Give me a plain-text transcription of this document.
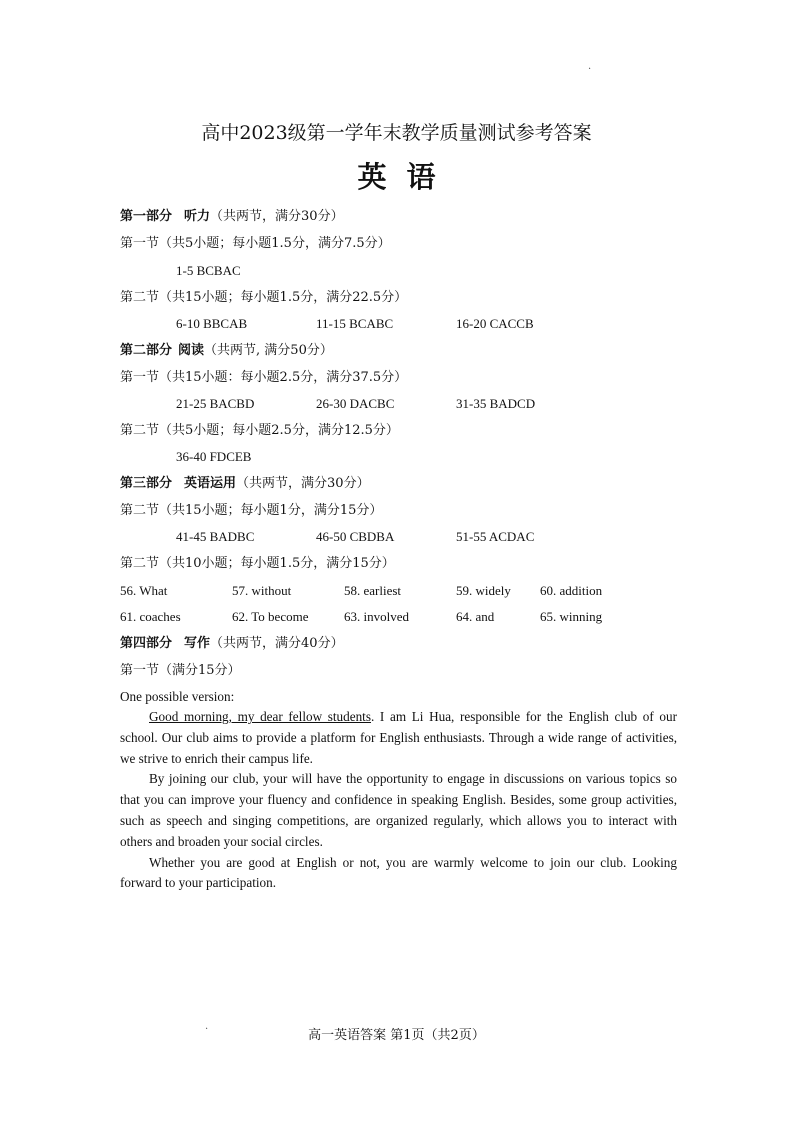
.
高中2023级第一学年末教学质量测试参考答案
英语
第一部分 听力（共两节，满分30分）
第一节（共5小题；每小题1.5分，满分7.5分）
1-5 BCBAC
第二节（共15小题；每小题1.5分，满分22.5分）
6-10 BBCAB	11-15 BCABC	16-20 CACCB
第二部分 阅读（共两节, 满分50分）
第一节（共15小题：每小题2.5分，满分37.5分）
21-25 BACBD	26-30 DACBC	31-35 BADCD
第二节（共5小题；每小题2.5分，满分12.5分）
36-40 FDCEB
第三部分 英语运用（共两节，满分30分）
第二节（共15小题；每小题1分，满分15分）
41-45 BADBC	46-50 CBDBA	51-55 ACDAC
第二节（共10小题；每小题1.5分，满分15分）
56. What	57. without	58. earliest	59. widely 60. addition
61. coaches	62. To become	63. involved	64. and	65. winning
第四部分 写作（共两节，满分40分）
第一节（满分15分）
One possible version:

Good morning, my dear fellow students. I am Li Hua, responsible for the English club of our school. Our club aims to provide a platform for English enthusiasts. Through a wide range of activities, we strive to enrich their campus life.

By joining our club, your will have the opportunity to engage in discussions on various topics so that you can improve your fluency and confidence in speaking English. Besides, some group activities, such as speech and singing competitions, are organized regularly, which allows you to interact with others and broaden your social circles.

Whether you are good at English or not, you are warmly welcome to join our club. Looking forward to your participation.

.
高一英语答案 第1页（共2页）
